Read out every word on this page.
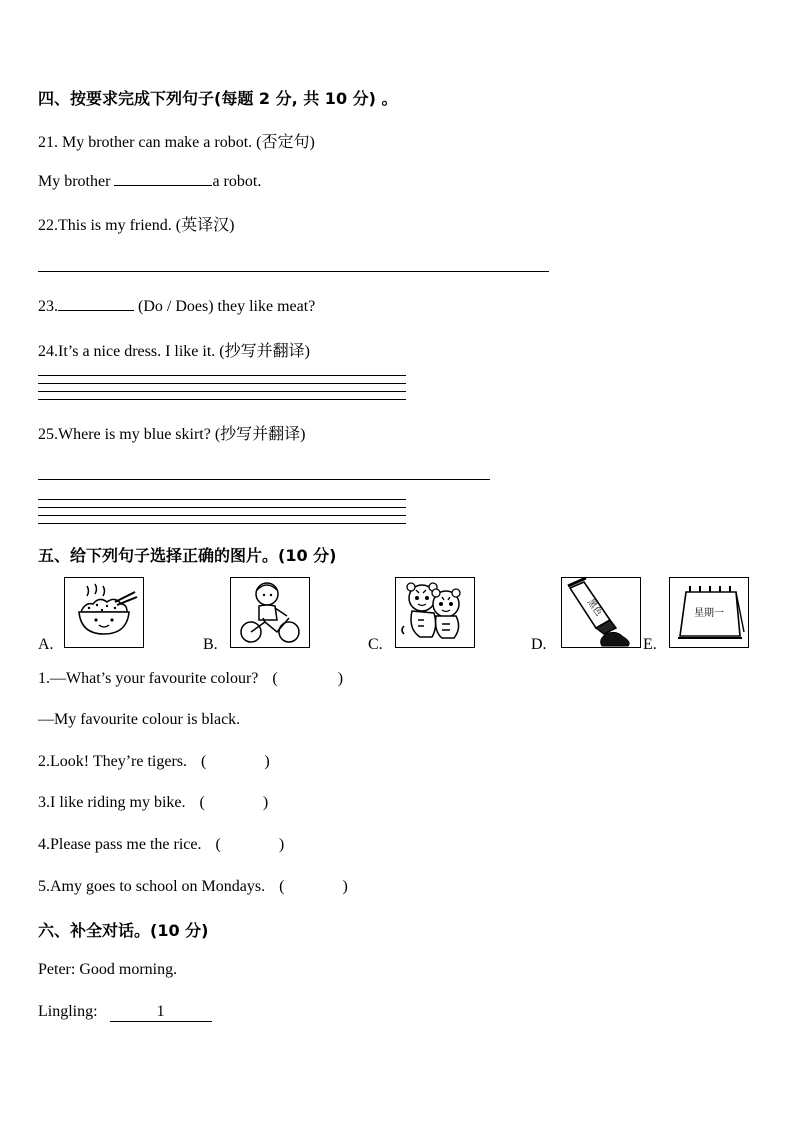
四、按要求完成下列句子(每题 2 分, 共 10 分) 。
21. My brother can make a robot. (否定句)
My brother	a robot.
22.This is my friend. (英译汉)
23.	(Do / Does) they like meat?
24.It’s a nice dress. I like it. (抄写并翻译)
25.Where is my blue skirt? (抄写并翻译)
五、给下列句子选择正确的图片。(10 分)
A.	B.	C.	D.
黑色
E.
星期一
1.—What’s your favourite colour? (	)
—My favourite colour is black.
2.Look! They’re tigers. (	)
3.I like riding my bike. (	)
4.Please pass me the rice. (	)
5.Amy goes to school on Mondays. (	)
六、补全对话。(10 分)
Peter: Good morning.
Lingling:	1
